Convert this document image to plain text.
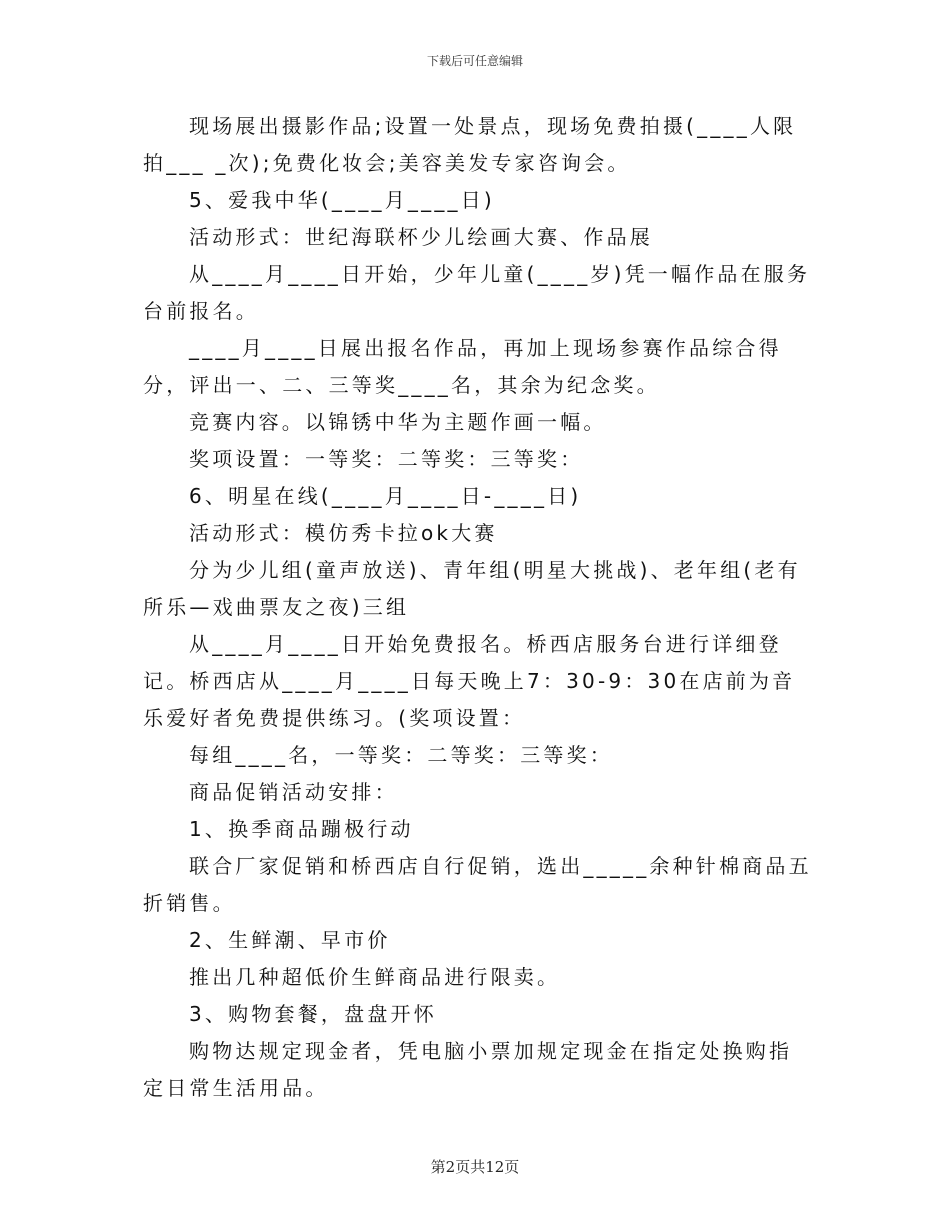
下载后可任意编辑

现场展出摄影作品;设置一处景点，现场免费拍摄(____人限拍___ _次);免费化妆会;美容美发专家咨询会。

5、爱我中华(____月____日)

活动形式：世纪海联杯少儿绘画大赛、作品展

从____月____日开始，少年儿童(____岁)凭一幅作品在服务台前报名。

____月____日展出报名作品，再加上现场参赛作品综合得分，评出一、二、三等奖____名，其余为纪念奖。

竞赛内容。以锦锈中华为主题作画一幅。

奖项设置：一等奖：二等奖：三等奖：

6、明星在线(____月____日-____日)

活动形式：模仿秀卡拉ok大赛

分为少儿组(童声放送)、青年组(明星大挑战)、老年组(老有所乐—戏曲票友之夜)三组

从____月____日开始免费报名。桥西店服务台进行详细登记。桥西店从____月____日每天晚上7：30-9：30在店前为音乐爱好者免费提供练习。(奖项设置：

每组____名，一等奖：二等奖：三等奖：

商品促销活动安排：

1、换季商品蹦极行动

联合厂家促销和桥西店自行促销，选出_____余种针棉商品五折销售。

2、生鲜潮、早市价

推出几种超低价生鲜商品进行限卖。

3、购物套餐，盘盘开怀

购物达规定现金者，凭电脑小票加规定现金在指定处换购指定日常生活用品。

第2页共12页
